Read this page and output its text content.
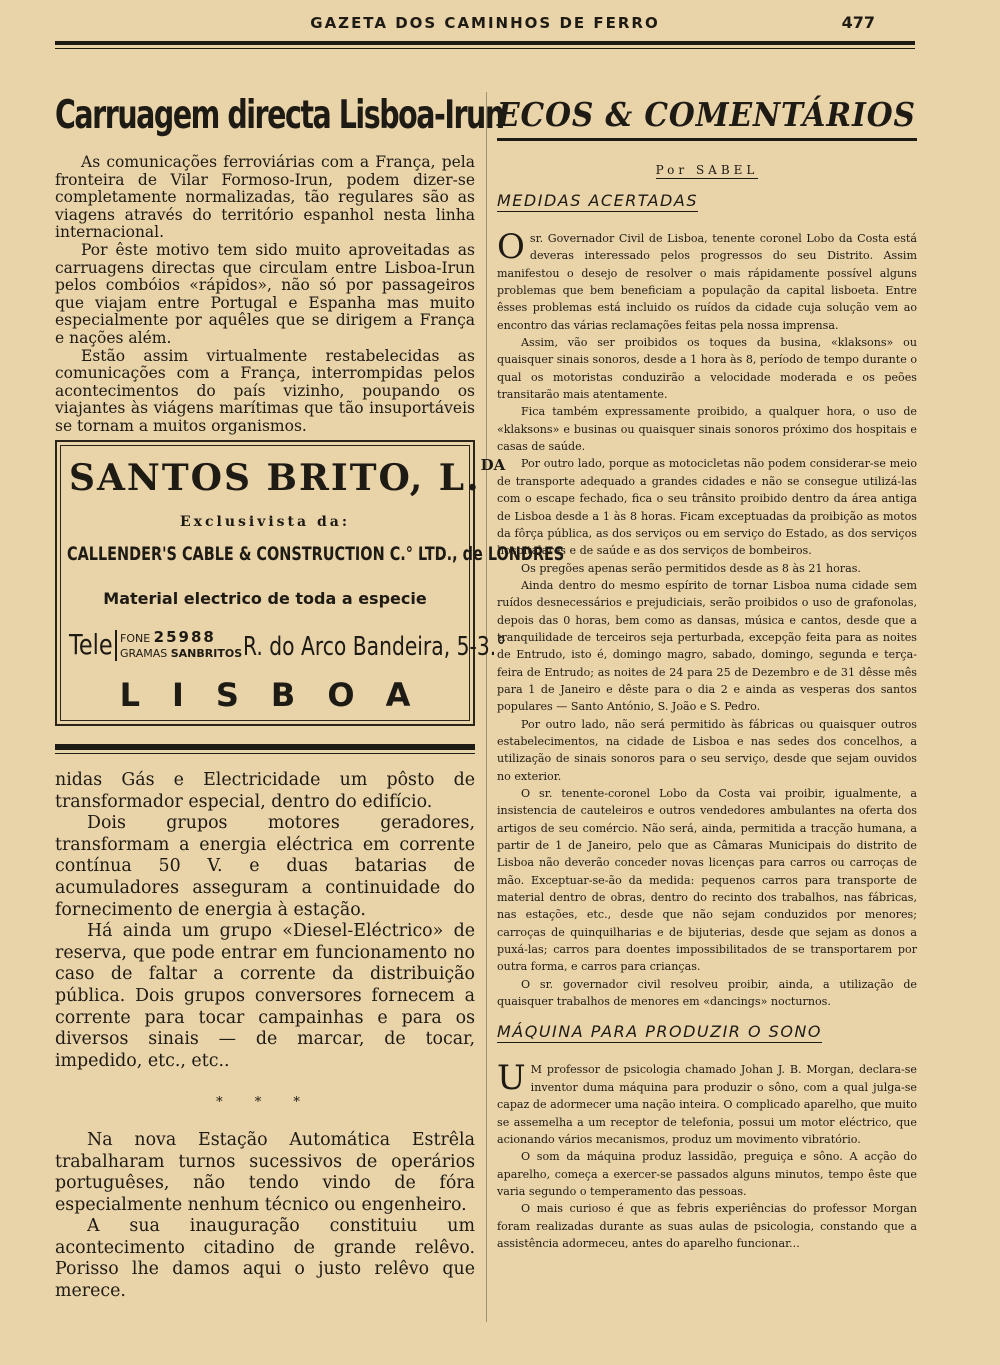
GAZETA DOS CAMINHOS DE FERRO	477
Carruagem directa Lisboa-Irun

As comunicações ferroviárias com a França, pela fronteira de Vilar Formoso-Irun, podem dizer-se completamente normalizadas, tão regulares são as viagens através do território espanhol nesta linha internacional.

Por êste motivo tem sido muito aproveitadas as carruagens directas que circulam entre Lisboa-Irun pelos combóios «rápidos», não só por passageiros que viajam entre Portugal e Espanha mas muito especialmente por aquêles que se dirigem a França e nações além.

Estão assim virtualmente restabelecidas as comunicações com a França, interrompidas pelos acontecimentos do país vizinho, poupando os viajantes às viágens marítimas que tão insuportáveis se tornam a muitos organismos.

SANTOS BRITO, L.$^{DA}$
Exclusivista da:
CALLENDER'S CABLE & CONSTRUCTION C.° LTD., de LONDRES
Material electrico de toda a especie
Tele FONE 25988
GRAMAS SANBRITOS R. do Arco Bandeira, 5-3.°
LISBOA

nidas Gás e Electricidade um pôsto de transformador especial, dentro do edifício.

Dois grupos motores geradores, transformam a energia eléctrica em corrente contínua 50 V. e duas batarias de acumuladores asseguram a continuidade do fornecimento de energia à estação.

Há ainda um grupo «Diesel-Eléctrico» de reserva, que pode entrar em funcionamento no caso de faltar a corrente da distribuição pública. Dois grupos conversores fornecem a corrente para tocar campainhas e para os diversos sinais — de marcar, de tocar, impedido, etc., etc..

* * *

Na nova Estação Automática Estrêla trabalharam turnos sucessivos de operários portuguêses, não tendo vindo de fóra especialmente nenhum técnico ou engenheiro.

A sua inauguração constituiu um acontecimento citadino de grande relêvo. Porisso lhe damos aqui o justo relêvo que merece.

ECOS & COMENTÁRIOS
Por SABEL
MEDIDAS ACERTADAS

Osr. Governador Civil de Lisboa, tenente coronel Lobo da Costa está deveras interessado pelos progressos do seu Distrito. Assim manifestou o desejo de resolver o mais rápidamente possível alguns problemas que bem beneficiam a população da capital lisboeta. Entre êsses problemas está incluido os ruídos da cidade cuja solução vem ao encontro das várias reclamações feitas pela nossa imprensa.

Assim, vão ser proibidos os toques da busina, «klaksons» ou quaisquer sinais sonoros, desde a 1 hora às 8, período de tempo durante o qual os motoristas conduzirão a velocidade moderada e os peões transitarão mais atentamente.

Fica também expressamente proibido, a qualquer hora, o uso de «klaksons» e businas ou quaisquer sinais sonoros próximo dos hospitais e casas de saúde.

Por outro lado, porque as motocicletas não podem considerar-se meio de transporte adequado a grandes cidades e não se consegue utilizá-las com o escape fechado, fica o seu trânsito proibido dentro da área antiga de Lisboa desde a 1 às 8 horas. Ficam exceptuadas da proibição as motos da fôrça pública, as dos serviços ou em serviço do Estado, as dos serviços hospitalares e de saúde e as dos serviços de bombeiros.

Os pregões apenas serão permitidos desde as 8 às 21 horas.

Ainda dentro do mesmo espírito de tornar Lisboa numa cidade sem ruídos desnecessários e prejudiciais, serão proibidos o uso de grafonolas, depois das 0 horas, bem como as dansas, música e cantos, desde que a tranquilidade de terceiros seja perturbada, excepção feita para as noites de Entrudo, isto é, domingo magro, sabado, domingo, segunda e terça-feira de Entrudo; as noites de 24 para 25 de Dezembro e de 31 dêsse mês para 1 de Janeiro e dêste para o dia 2 e ainda as vesperas dos santos populares — Santo António, S. João e S. Pedro.

Por outro lado, não será permitido às fábricas ou quaisquer outros estabelecimentos, na cidade de Lisboa e nas sedes dos concelhos, a utilização de sinais sonoros para o seu serviço, desde que sejam ouvidos no exterior.

O sr. tenente-coronel Lobo da Costa vai proibir, igualmente, a insistencia de cauteleiros e outros vendedores ambulantes na oferta dos artigos de seu comércio. Não será, ainda, permitida a tracção humana, a partir de 1 de Janeiro, pelo que as Câmaras Municipais do distrito de Lisboa não deverão conceder novas licenças para carros ou carroças de mão. Exceptuar-se-ão da medida: pequenos carros para transporte de material dentro de obras, dentro do recinto dos trabalhos, nas fábricas, nas estações, etc., desde que não sejam conduzidos por menores; carroças de quinquilharias e de bijuterias, desde que sejam as donos a puxá-las; carros para doentes impossibilitados de se transportarem por outra forma, e carros para crianças.

O sr. governador civil resolveu proibir, ainda, a utilização de quaisquer trabalhos de menores em «dancings» nocturnos.

MÁQUINA PARA PRODUZIR O SONO

U M professor de psicologia chamado Johan J. B. Morgan, declara-se inventor duma máquina para produzir o sôno, com a qual julga-se capaz de adormecer uma nação inteira. O complicado aparelho, que muito se assemelha a um receptor de telefonia, possui um motor eléctrico, que acionando vários mecanismos, produz um movimento vibratório.

O som da máquina produz lassidão, preguiça e sôno. A acção do aparelho, começa a exercer-se passados alguns minutos, tempo êste que varia segundo o temperamento das pessoas.

O mais curioso é que as febris experiências do professor Morgan foram realizadas durante as suas aulas de psicologia, constando que a assistência adormeceu, antes do aparelho funcionar...
